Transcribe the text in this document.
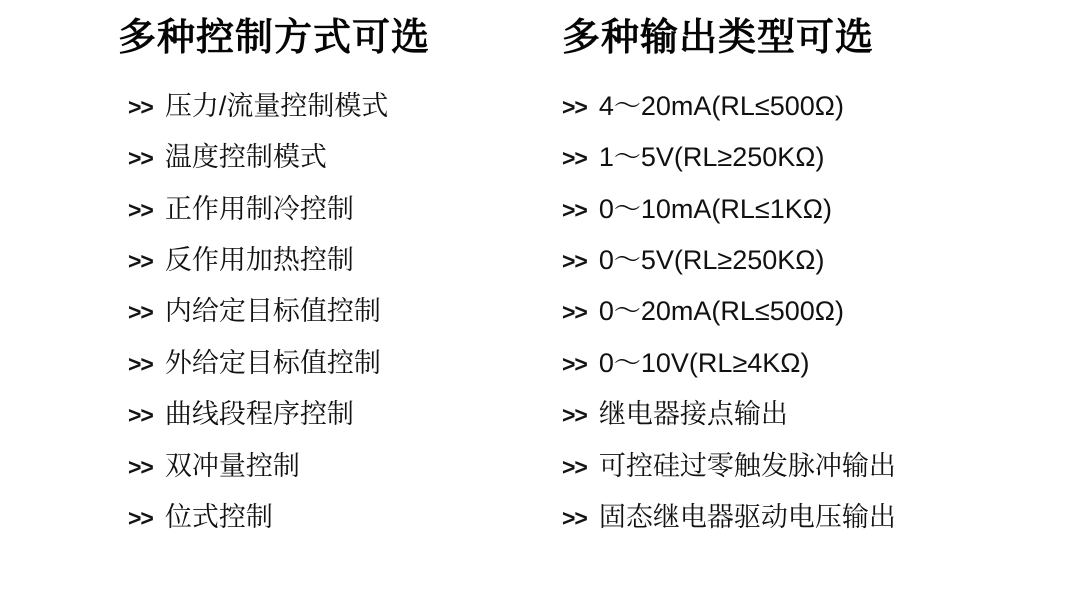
多种控制方式可选
>> 压力/流量控制模式
>> 温度控制模式
>> 正作用制冷控制
>> 反作用加热控制
>> 内给定目标值控制
>> 外给定目标值控制
>> 曲线段程序控制
>> 双冲量控制
>> 位式控制
多种输出类型可选
>> 4～20mA(RL≤500Ω)
>> 1～5V(RL≥250KΩ)
>> 0～10mA(RL≤1KΩ)
>> 0～5V(RL≥250KΩ)
>> 0～20mA(RL≤500Ω)
>> 0～10V(RL≥4KΩ)
>> 继电器接点输出
>> 可控硅过零触发脉冲输出
>> 固态继电器驱动电压输出
